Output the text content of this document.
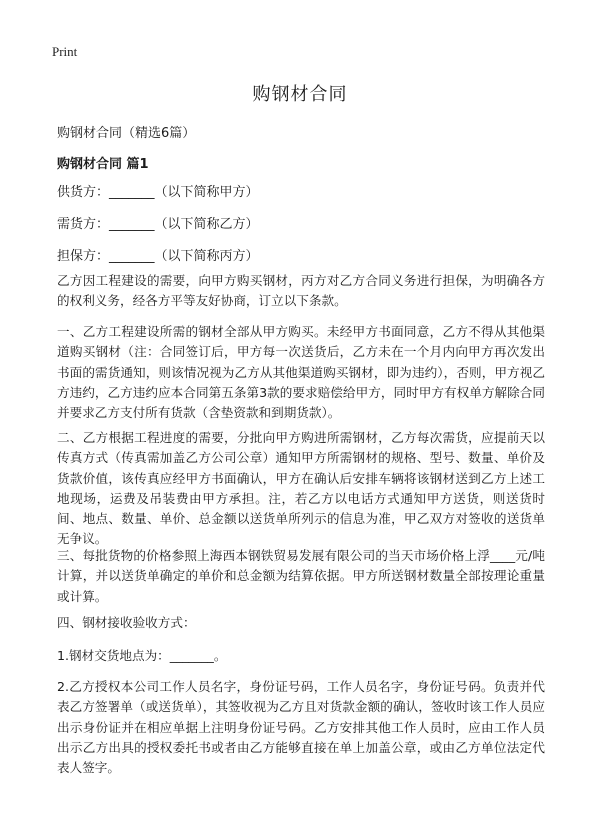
Print
购钢材合同
购钢材合同（精选6篇）
购钢材合同 篇1
供货方：_______（以下简称甲方）
需货方：_______（以下简称乙方）
担保方：_______（以下简称丙方）

乙方因工程建设的需要，向甲方购买钢材，丙方对乙方合同义务进行担保，为明确各方的权利义务，经各方平等友好协商，订立以下条款。

一、乙方工程建设所需的钢材全部从甲方购买。未经甲方书面同意，乙方不得从其他渠道购买钢材（注：合同签订后，甲方每一次送货后，乙方未在一个月内向甲方再次发出书面的需货通知，则该情况视为乙方从其他渠道购买钢材，即为违约），否则，甲方视乙方违约，乙方违约应本合同第五条第3款的要求赔偿给甲方，同时甲方有权单方解除合同并要求乙方支付所有货款（含垫资款和到期货款）。

二、乙方根据工程进度的需要，分批向甲方购进所需钢材，乙方每次需货，应提前天以传真方式（传真需加盖乙方公司公章）通知甲方所需钢材的规格、型号、数量、单价及货款价值，该传真应经甲方书面确认，甲方在确认后安排车辆将该钢材送到乙方上述工地现场，运费及吊装费由甲方承担。注，若乙方以电话方式通知甲方送货，则送货时间、地点、数量、单价、总金额以送货单所列示的信息为准，甲乙双方对签收的送货单无争议。

三、每批货物的价格参照上海西本钢铁贸易发展有限公司的当天市场价格上浮____元/吨计算，并以送货单确定的单价和总金额为结算依据。甲方所送钢材数量全部按理论重量或计算。

四、钢材接收验收方式：

1.钢材交货地点为：_______。

2.乙方授权本公司工作人员名字，身份证号码，工作人员名字，身份证号码。负责并代表乙方签署单（或送货单），其签收视为乙方且对货款金额的确认，签收时该工作人员应出示身份证并在相应单据上注明身份证号码。乙方安排其他工作人员时，应由工作人员出示乙方出具的授权委托书或者由乙方能够直接在单上加盖公章，或由乙方单位法定代表人签字。
